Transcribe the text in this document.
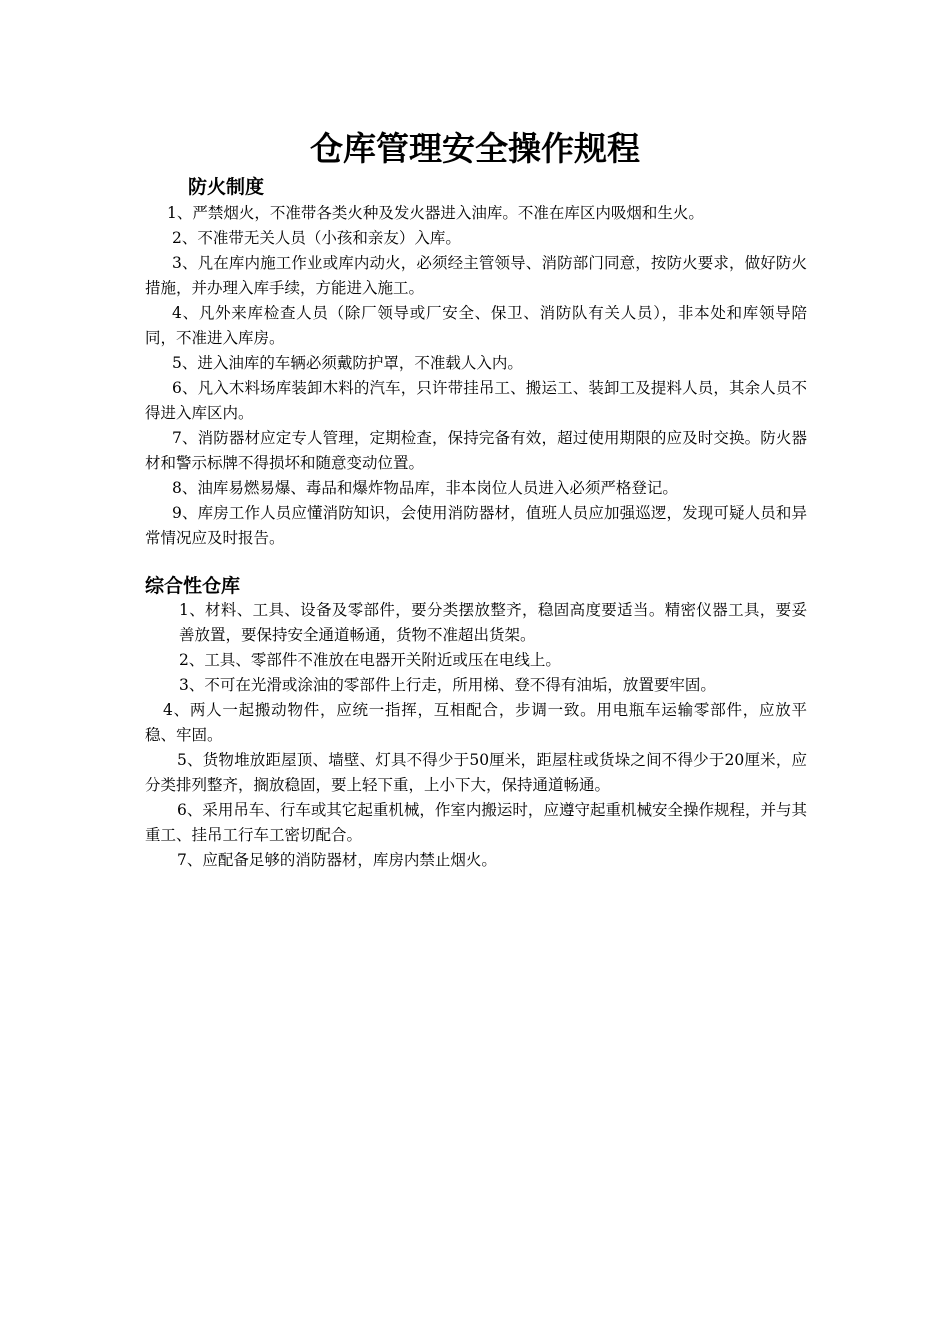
仓库管理安全操作规程
防火制度

1、严禁烟火，不准带各类火种及发火器进入油库。不准在库区内吸烟和生火。

2、不准带无关人员（小孩和亲友）入库。

3、凡在库内施工作业或库内动火，必须经主管领导、消防部门同意，按防火要求，做好防火措施，并办理入库手续，方能进入施工。

4、凡外来库检查人员（除厂领导或厂安全、保卫、消防队有关人员），非本处和库领导陪同，不准进入库房。

5、进入油库的车辆必须戴防护罩，不准载人入内。

6、凡入木料场库装卸木料的汽车，只许带挂吊工、搬运工、装卸工及提料人员，其余人员不得进入库区内。

7、消防器材应定专人管理，定期检查，保持完备有效，超过使用期限的应及时交换。防火器材和警示标牌不得损坏和随意变动位置。

8、油库易燃易爆、毒品和爆炸物品库，非本岗位人员进入必须严格登记。

9、库房工作人员应懂消防知识，会使用消防器材，值班人员应加强巡逻，发现可疑人员和异常情况应及时报告。

综合性仓库

1、材料、工具、设备及零部件，要分类摆放整齐，稳固高度要适当。精密仪器工具，要妥善放置，要保持安全通道畅通，货物不准超出货架。

2、工具、零部件不准放在电器开关附近或压在电线上。

3、不可在光滑或涂油的零部件上行走，所用梯、登不得有油垢，放置要牢固。

4、两人一起搬动物件，应统一指挥，互相配合，步调一致。用电瓶车运输零部件，应放平稳、牢固。

5、货物堆放距屋顶、墙壁、灯具不得少于50厘米，距屋柱或货垛之间不得少于20厘米，应分类排列整齐，搁放稳固，要上轻下重，上小下大，保持通道畅通。

6、采用吊车、行车或其它起重机械，作室内搬运时，应遵守起重机械安全操作规程，并与其重工、挂吊工行车工密切配合。

7、应配备足够的消防器材，库房内禁止烟火。
